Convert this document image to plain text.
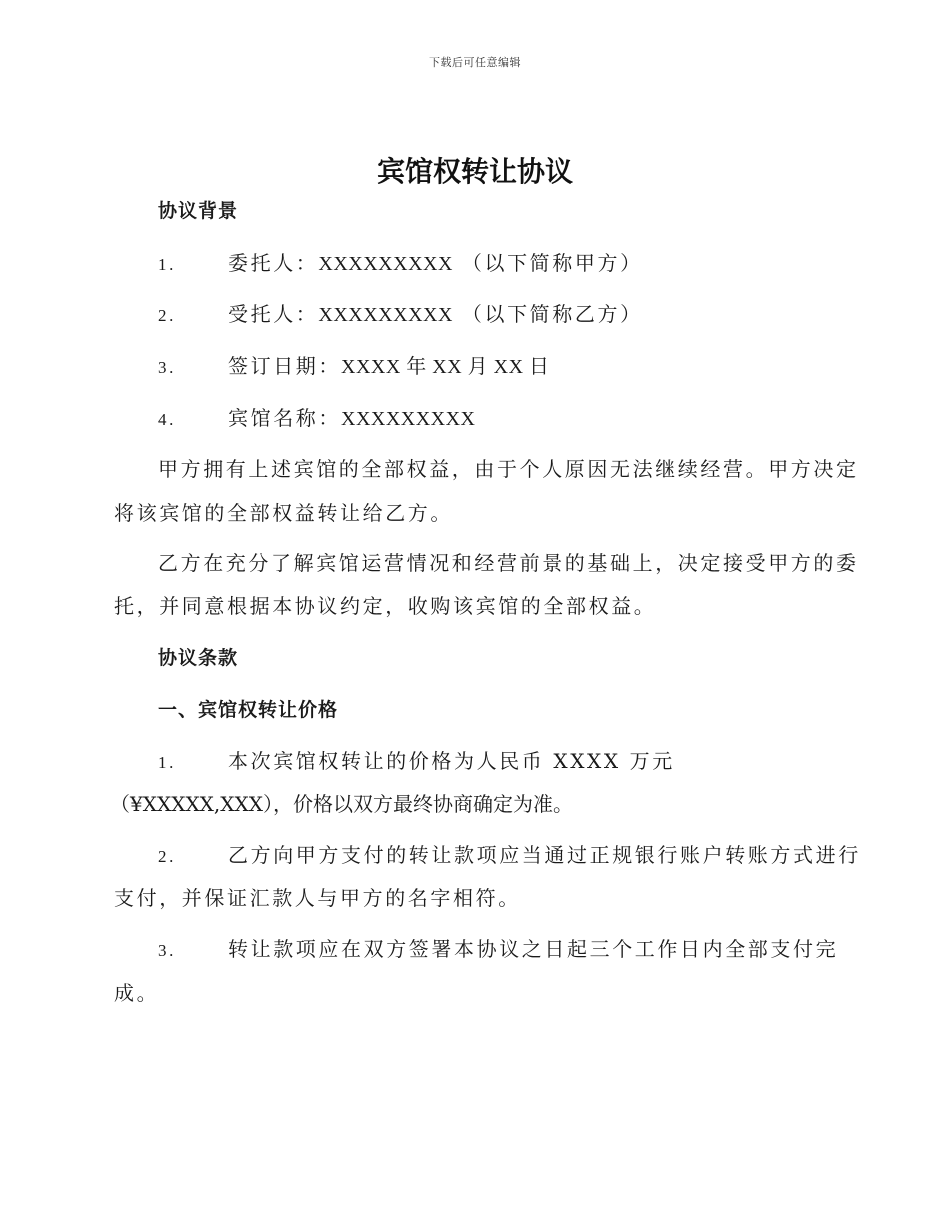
下载后可任意编辑
宾馆权转让协议
协议背景
1.	委托人：XXXXXXXXX （以下简称甲方）
2.	受托人：XXXXXXXXX （以下简称乙方）
3.	签订日期：XXXX 年 XX 月 XX 日
4.	宾馆名称：XXXXXXXXX
甲方拥有上述宾馆的全部权益，由于个人原因无法继续经营。甲方决定
将该宾馆的全部权益转让给乙方。
乙方在充分了解宾馆运营情况和经营前景的基础上，决定接受甲方的委
托，并同意根据本协议约定，收购该宾馆的全部权益。
协议条款
一、宾馆权转让价格
1.	本次宾馆权转让的价格为人民币 XXXX 万元
（¥XXXXX,XXX），价格以双方最终协商确定为准。
2.	乙方向甲方支付的转让款项应当通过正规银行账户转账方式进行
支付，并保证汇款人与甲方的名字相符。
3.	转让款项应在双方签署本协议之日起三个工作日内全部支付完
成。
